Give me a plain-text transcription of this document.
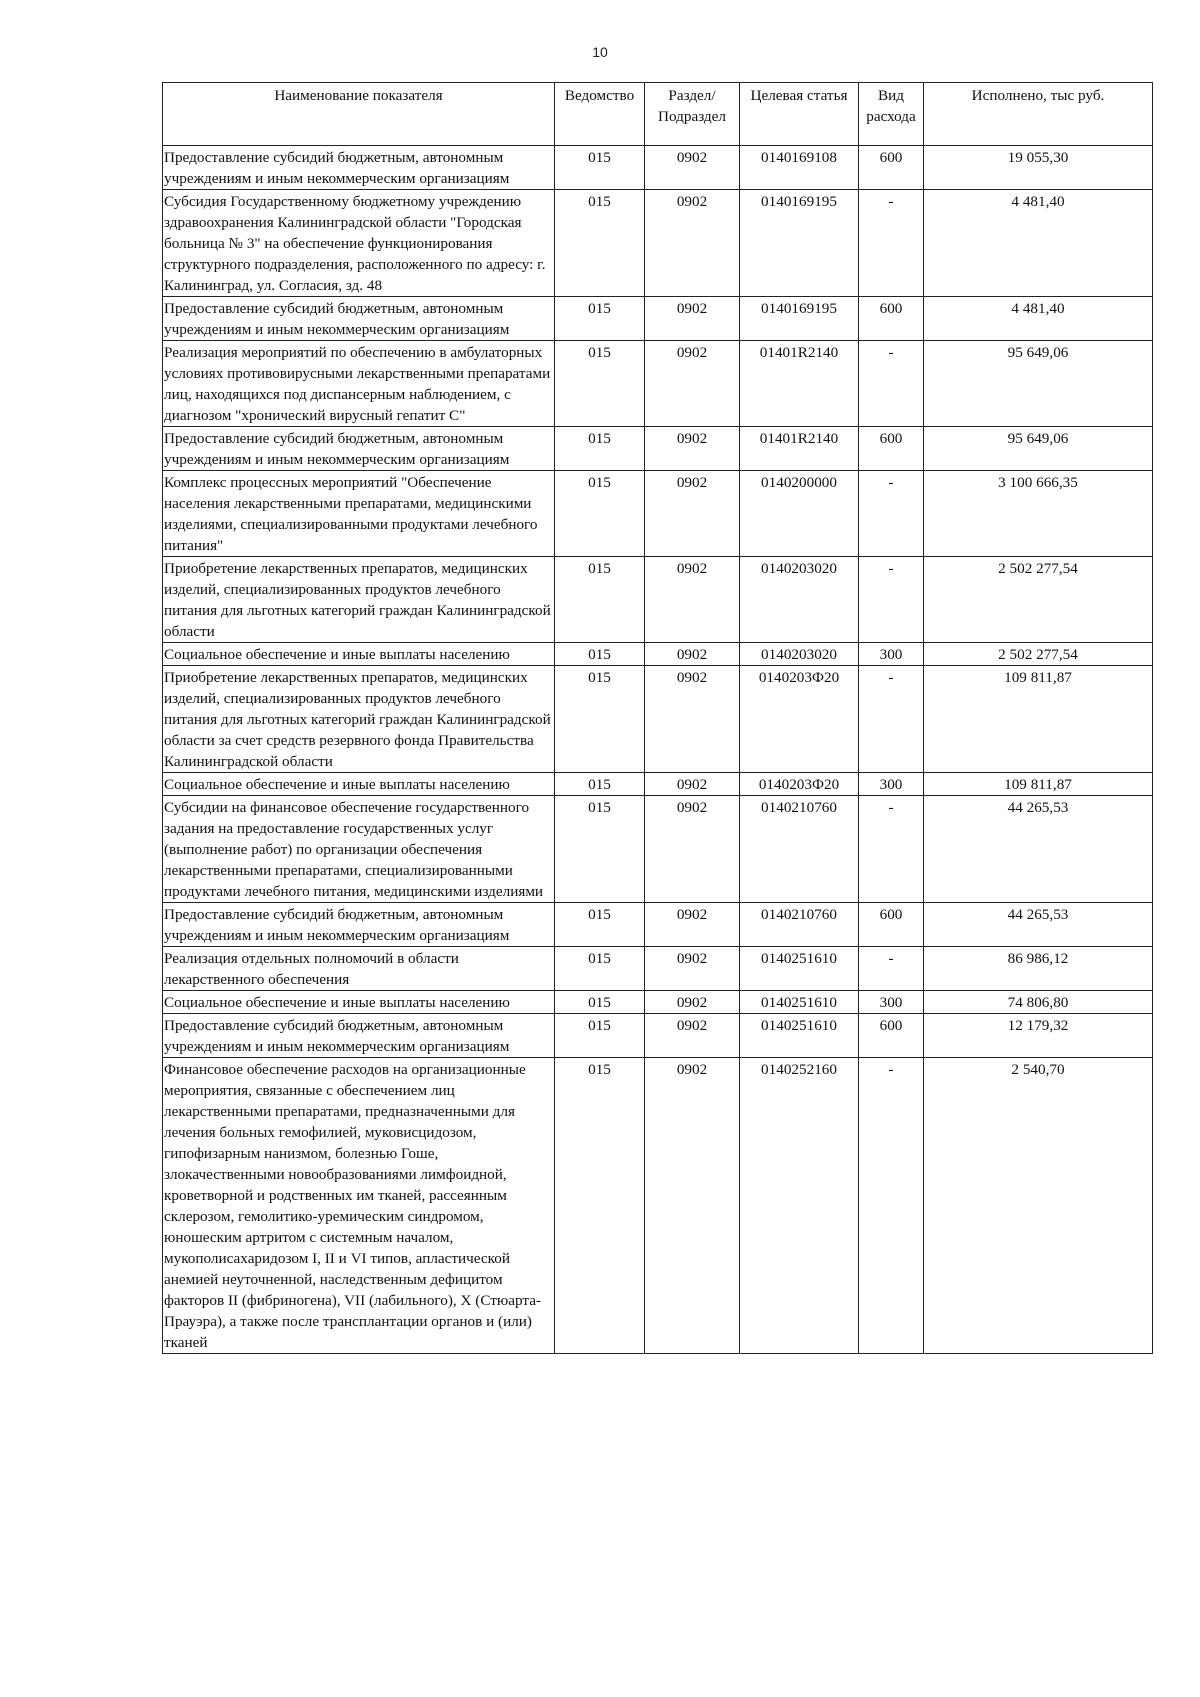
10
Наименование показателя	Ведомство	Раздел/ Подраздел	Целевая статья	Вид расхода	Исполнено, тыс руб.
Предоставление субсидий бюджетным, автономным учреждениям и иным некоммерческим организациям	015	0902	0140169108	600	19 055,30
Субсидия Государственному бюджетному учреждению здравоохранения Калининградской области "Городская больница № 3" на обеспечение функционирования структурного подразделения, расположенного по адресу: г. Калининград, ул. Согласия, зд. 48	015	0902	0140169195	-	4 481,40
Предоставление субсидий бюджетным, автономным учреждениям и иным некоммерческим организациям	015	0902	0140169195	600	4 481,40
Реализация мероприятий по обеспечению в амбулаторных условиях противовирусными лекарственными препаратами лиц, находящихся под диспансерным наблюдением, с диагнозом "хронический вирусный гепатит C"	015	0902	01401R2140	-	95 649,06
Предоставление субсидий бюджетным, автономным учреждениям и иным некоммерческим организациям	015	0902	01401R2140	600	95 649,06
Комплекс процессных мероприятий "Обеспечение населения лекарственными препаратами, медицинскими изделиями, специализированными продуктами лечебного питания"	015	0902	0140200000	-	3 100 666,35
Приобретение лекарственных препаратов, медицинских изделий, специализированных продуктов лечебного питания для льготных категорий граждан Калининградской области	015	0902	0140203020	-	2 502 277,54
Социальное обеспечение и иные выплаты населению	015	0902	0140203020	300	2 502 277,54
Приобретение лекарственных препаратов, медицинских изделий, специализированных продуктов лечебного питания для льготных категорий граждан Калининградской области за счет средств резервного фонда Правительства Калининградской области	015	0902	0140203Ф20	-	109 811,87
Социальное обеспечение и иные выплаты населению	015	0902	0140203Ф20	300	109 811,87
Субсидии на финансовое обеспечение государственного задания на предоставление государственных услуг (выполнение работ) по организации обеспечения лекарственными препаратами, специализированными продуктами лечебного питания, медицинскими изделиями	015	0902	0140210760	-	44 265,53
Предоставление субсидий бюджетным, автономным учреждениям и иным некоммерческим организациям	015	0902	0140210760	600	44 265,53
Реализация отдельных полномочий в области лекарственного обеспечения	015	0902	0140251610	-	86 986,12
Социальное обеспечение и иные выплаты населению	015	0902	0140251610	300	74 806,80
Предоставление субсидий бюджетным, автономным учреждениям и иным некоммерческим организациям	015	0902	0140251610	600	12 179,32
Финансовое обеспечение расходов на организационные мероприятия, связанные с обеспечением лиц лекарственными препаратами, предназначенными для лечения больных гемофилией, муковисцидозом, гипофизарным нанизмом, болезнью Гоше, злокачественными новообразованиями лимфоидной, кроветворной и родственных им тканей, рассеянным склерозом, гемолитико-уремическим синдромом, юношеским артритом с системным началом, мукополисахаридозом I, II и VI типов, апластической анемией неуточненной, наследственным дефицитом факторов II (фибриногена), VII (лабильного), X (Стюарта-Прауэра), а также после трансплантации органов и (или) тканей	015	0902	0140252160	-	2 540,70
